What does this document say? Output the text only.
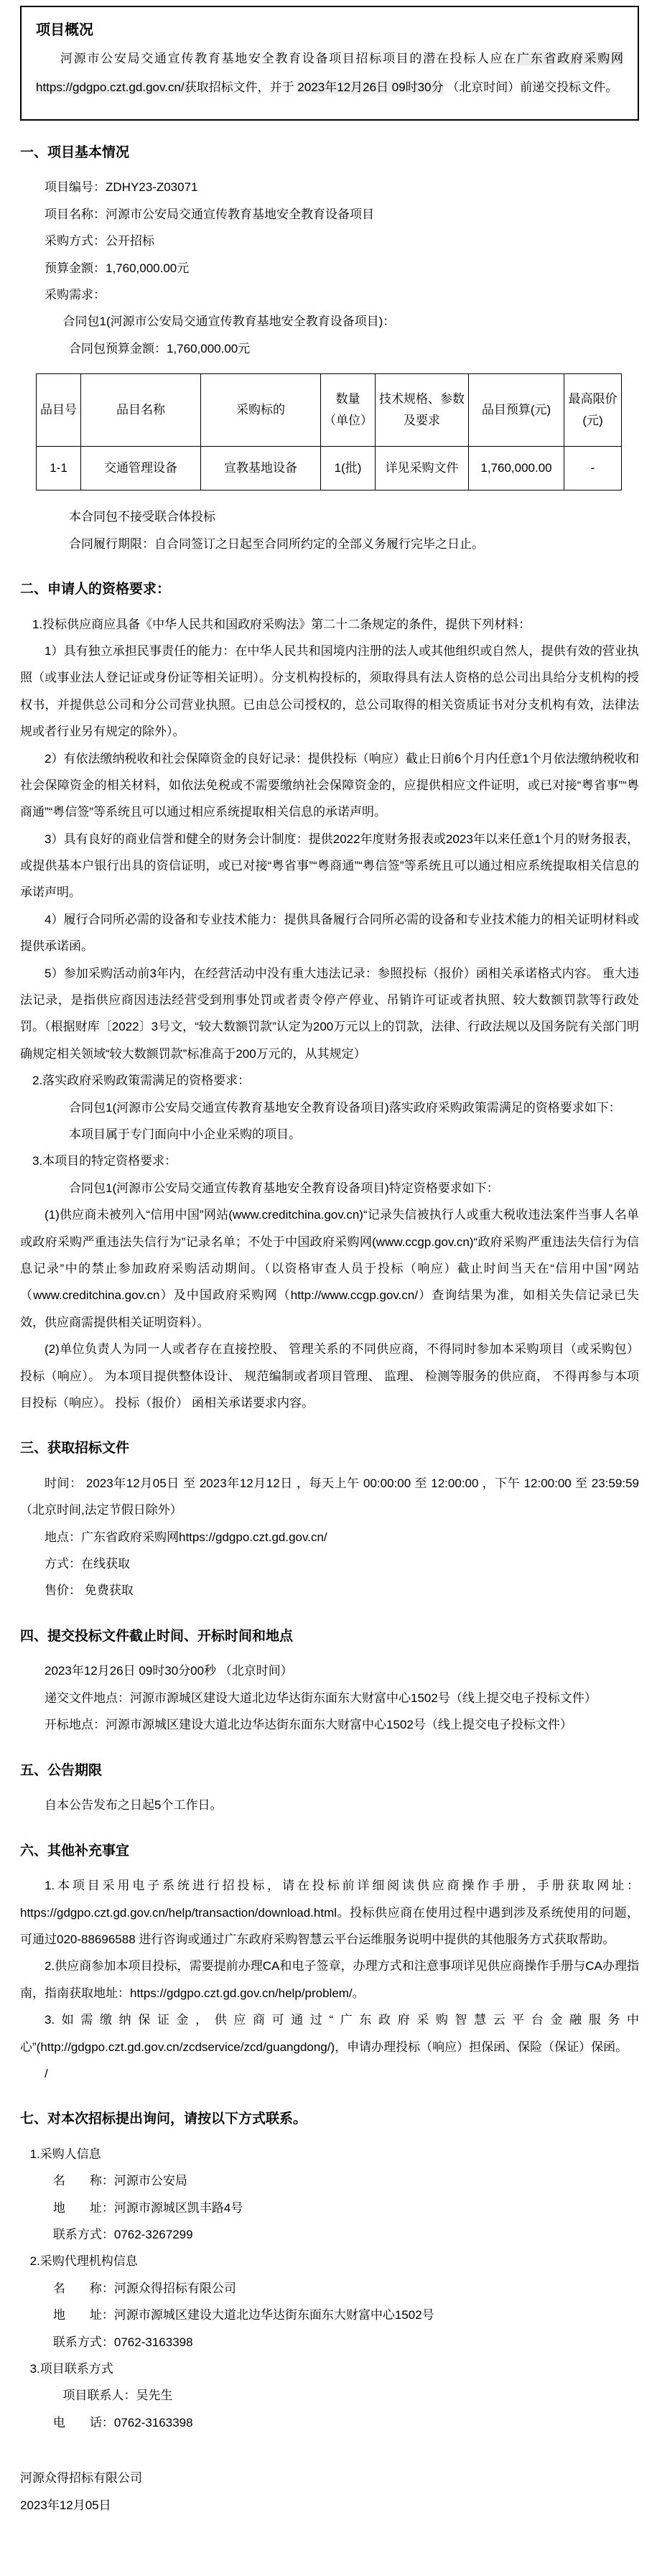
项目概况

河源市公安局交通宣传教育基地安全教育设备项目招标项目的潜在投标人应在广东省政府采购网https://gdgpo.czt.gd.gov.cn/获取招标文件，并于 2023年12月26日 09时30分 （北京时间）前递交投标文件。

一、项目基本情况

项目编号：ZDHY23-Z03071

项目名称：河源市公安局交通宣传教育基地安全教育设备项目

采购方式：公开招标

预算金额：1,760,000.00元

采购需求：

合同包1(河源市公安局交通宣传教育基地安全教育设备项目)：

合同包预算金额：1,760,000.00元

品目号	品目名称	采购标的	数量（单位）	技术规格、参数及要求	品目预算(元)	最高限价(元)
1-1	交通管理设备	宣教基地设备	1(批)	详见采购文件	1,760,000.00	-

本合同包不接受联合体投标

合同履行期限：自合同签订之日起至合同所约定的全部义务履行完毕之日止。

二、申请人的资格要求：

1.投标供应商应具备《中华人民共和国政府采购法》第二十二条规定的条件，提供下列材料：

1）具有独立承担民事责任的能力：在中华人民共和国境内注册的法人或其他组织或自然人，提供有效的营业执照（或事业法人登记证或身份证等相关证明）。分支机构投标的，须取得具有法人资格的总公司出具给分支机构的授权书，并提供总公司和分公司营业执照。已由总公司授权的，总公司取得的相关资质证书对分支机构有效，法律法规或者行业另有规定的除外）。

2）有依法缴纳税收和社会保障资金的良好记录：提供投标（响应）截止日前6个月内任意1个月依法缴纳税收和社会保障资金的相关材料，如依法免税或不需要缴纳社会保障资金的，应提供相应文件证明，或已对接“粤省事”“粤商通”“粤信签”等系统且可以通过相应系统提取相关信息的承诺声明。

3）具有良好的商业信誉和健全的财务会计制度：提供2022年度财务报表或2023年以来任意1个月的财务报表，或提供基本户银行出具的资信证明，或已对接“粤省事”“粤商通”“粤信签”等系统且可以通过相应系统提取相关信息的承诺声明。

4）履行合同所必需的设备和专业技术能力：提供具备履行合同所必需的设备和专业技术能力的相关证明材料或提供承诺函。

5）参加采购活动前3年内，在经营活动中没有重大违法记录：参照投标（报价）函相关承诺格式内容。 重大违法记录，是指供应商因违法经营受到刑事处罚或者责令停产停业、吊销许可证或者执照、较大数额罚款等行政处罚。（根据财库〔2022〕3号文，“较大数额罚款”认定为200万元以上的罚款，法律、行政法规以及国务院有关部门明确规定相关领域“较大数额罚款”标准高于200万元的，从其规定）

2.落实政府采购政策需满足的资格要求：

合同包1(河源市公安局交通宣传教育基地安全教育设备项目)落实政府采购政策需满足的资格要求如下：

本项目属于专门面向中小企业采购的项目。

3.本项目的特定资格要求：

合同包1(河源市公安局交通宣传教育基地安全教育设备项目)特定资格要求如下：

(1)供应商未被列入“信用中国”网站(www.creditchina.gov.cn)“记录失信被执行人或重大税收违法案件当事人名单或政府采购严重违法失信行为”记录名单；不处于中国政府采购网(www.ccgp.gov.cn)“政府采购严重违法失信行为信息记录”中的禁止参加政府采购活动期间。（以资格审查人员于投标（响应）截止时间当天在“信用中国”网站（www.creditchina.gov.cn）及中国政府采购网（http://www.ccgp.gov.cn/）查询结果为准，如相关失信记录已失效，供应商需提供相关证明资料）。

(2)单位负责人为同一人或者存在直接控股、 管理关系的不同供应商，不得同时参加本采购项目（或采购包） 投标（响应）。 为本项目提供整体设计、 规范编制或者项目管理、 监理、 检测等服务的供应商， 不得再参与本项目投标（响应）。 投标（报价） 函相关承诺要求内容。

三、获取招标文件

时间： 2023年12月05日 至 2023年12月12日 ，每天上午 00:00:00 至 12:00:00 ，下午 12:00:00 至 23:59:59 （北京时间,法定节假日除外）

地点：广东省政府采购网https://gdgpo.czt.gd.gov.cn/

方式：在线获取

售价： 免费获取

四、提交投标文件截止时间、开标时间和地点

2023年12月26日 09时30分00秒 （北京时间）

递交文件地点：河源市源城区建设大道北边华达街东面东大财富中心1502号（线上提交电子投标文件）

开标地点：河源市源城区建设大道北边华达街东面东大财富中心1502号（线上提交电子投标文件）

五、公告期限

自本公告发布之日起5个工作日。

六、其他补充事宜

1.本项目采用电子系统进行招投标，请在投标前详细阅读供应商操作手册，手册获取网址：https://gdgpo.czt.gd.gov.cn/help/transaction/download.html。投标供应商在使用过程中遇到涉及系统使用的问题，可通过020-88696588 进行咨询或通过广东政府采购智慧云平台运维服务说明中提供的其他服务方式获取帮助。

2.供应商参加本项目投标，需要提前办理CA和电子签章，办理方式和注意事项详见供应商操作手册与CA办理指南，指南获取地址：https://gdgpo.czt.gd.gov.cn/help/problem/。

3.如需缴纳保证金，供应商可通过“广东政府采购智慧云平台金融服务中心”(http://gdgpo.czt.gd.gov.cn/zcdservice/zcd/guangdong/)，申请办理投标（响应）担保函、保险（保证）保函。

/

七、对本次招标提出询问，请按以下方式联系。

1.采购人信息

名　　称：河源市公安局

地　　址：河源市源城区凯丰路4号

联系方式：0762-3267299

2.采购代理机构信息

名　　称：河源众得招标有限公司

地　　址：河源市源城区建设大道北边华达街东面东大财富中心1502号

联系方式：0762-3163398

3.项目联系方式

项目联系人：吴先生

电　　话：0762-3163398

河源众得招标有限公司

2023年12月05日
